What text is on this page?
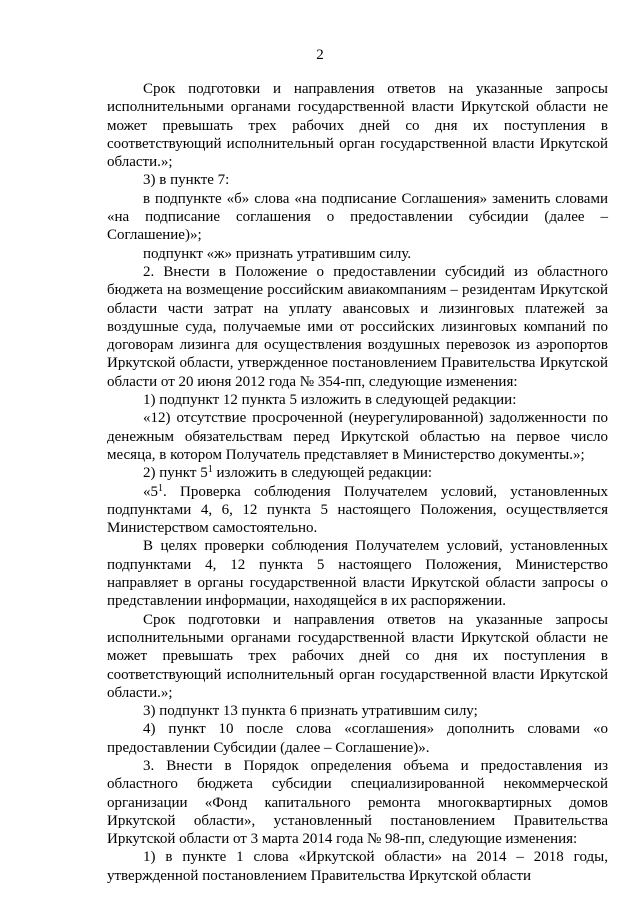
2

Срок подготовки и направления ответов на указанные запросы исполнительными органами государственной власти Иркутской области не может превышать трех рабочих дней со дня их поступления в соответствующий исполнительный орган государственной власти Иркутской области.»;

3) в пункте 7:

в подпункте «б» слова «на подписание Соглашения» заменить словами «на подписание соглашения о предоставлении субсидии (далее – Соглашение)»;

подпункт «ж» признать утратившим силу.

2. Внести в Положение о предоставлении субсидий из областного бюджета на возмещение российским авиакомпаниям – резидентам Иркутской области части затрат на уплату авансовых и лизинговых платежей за воздушные суда, получаемые ими от российских лизинговых компаний по договорам лизинга для осуществления воздушных перевозок из аэропортов Иркутской области, утвержденное постановлением Правительства Иркутской области от 20 июня 2012 года № 354-пп, следующие изменения:

1) подпункт 12 пункта 5 изложить в следующей редакции:

«12) отсутствие просроченной (неурегулированной) задолженности по денежным обязательствам перед Иркутской областью на первое число месяца, в котором Получатель представляет в Министерство документы.»;

2) пункт $5^1$ изложить в следующей редакции:

«$5^1$. Проверка соблюдения Получателем условий, установленных подпунктами 4, 6, 12 пункта 5 настоящего Положения, осуществляется Министерством самостоятельно.

В целях проверки соблюдения Получателем условий, установленных подпунктами 4, 12 пункта 5 настоящего Положения, Министерство направляет в органы государственной власти Иркутской области запросы о представлении информации, находящейся в их распоряжении.

Срок подготовки и направления ответов на указанные запросы исполнительными органами государственной власти Иркутской области не может превышать трех рабочих дней со дня их поступления в соответствующий исполнительный орган государственной власти Иркутской области.»;

3) подпункт 13 пункта 6 признать утратившим силу;

4) пункт 10 после слова «соглашения» дополнить словами «о предоставлении Субсидии (далее – Соглашение)».

3. Внести в Порядок определения объема и предоставления из областного бюджета субсидии специализированной некоммерческой организации «Фонд капитального ремонта многоквартирных домов Иркутской области», установленный постановлением Правительства Иркутской области от 3 марта 2014 года № 98-пп, следующие изменения:

1) в пункте 1 слова «Иркутской области» на 2014 – 2018 годы, утвержденной постановлением Правительства Иркутской области
